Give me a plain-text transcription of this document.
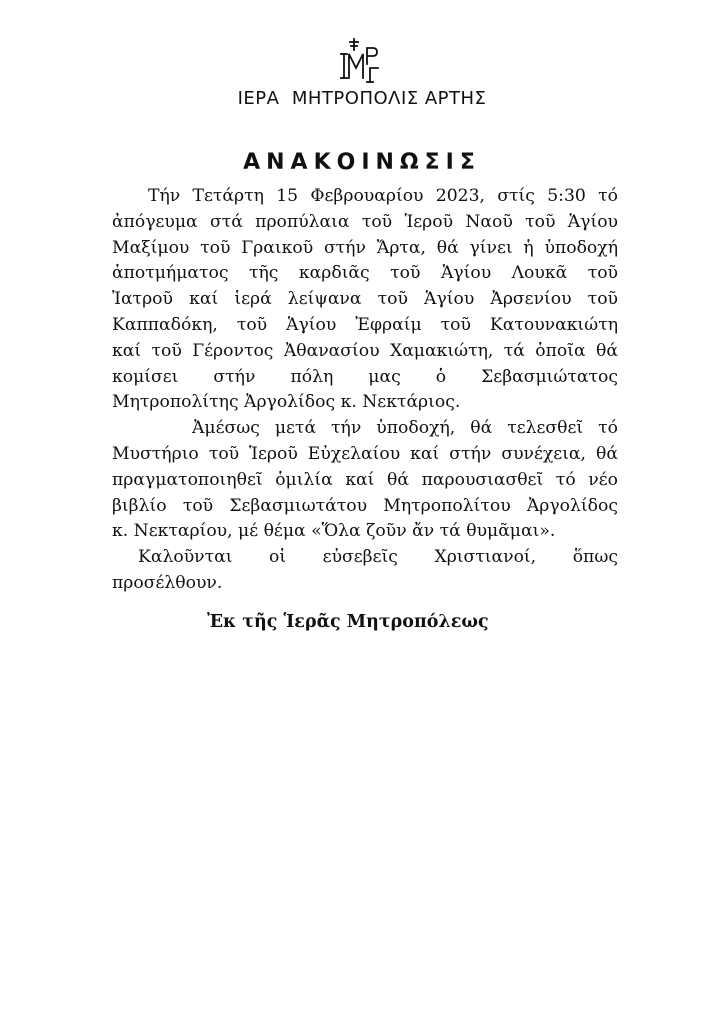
ΙΕΡΑ  ΜΗΤΡΟΠΟΛΙΣ ΑΡΤΗΣ
ΑΝΑΚΟΙΝΩΣΙΣ
Τήν Τετάρτη 15 Φεβρουαρίου 2023, στίς 5:30 τό
ἀπόγευμα στά προπύλαια τοῦ Ἱεροῦ Ναοῦ τοῦ Ἁγίου
Μαξίμου τοῦ Γραικοῦ στήν Ἄρτα, θά γίνει ἡ ὑποδοχή
ἀποτμήματος τῆς καρδιᾶς τοῦ Ἁγίου Λουκᾶ τοῦ
Ἰατροῦ καί ἱερά λείψανα τοῦ Ἁγίου Ἀρσενίου τοῦ
Καππαδόκη, τοῦ Ἁγίου Ἐφραίμ τοῦ Κατουνακιώτη
καί τοῦ Γέροντος Ἀθανασίου Χαμακιώτη, τά ὁποῖα θά
κομίσει στήν πόλη μας ὁ Σεβασμιώτατος
Μητροπολίτης Ἀργολίδος κ. Νεκτάριος.
Ἀμέσως μετά τήν ὑποδοχή, θά τελεσθεῖ τό
Μυστήριο τοῦ Ἱεροῦ Εὐχελαίου καί στήν συνέχεια, θά
πραγματοποιηθεῖ ὁμιλία καί θά παρουσιασθεῖ τό νέο
βιβλίο τοῦ Σεβασμιωτάτου Μητροπολίτου Ἀργολίδος
κ. Νεκταρίου, μέ θέμα «Ὅλα ζοῦν ἄν τά θυμᾶμαι».
Καλοῦνται οἱ εὐσεβεῖς Χριστιανοί, ὅπως
προσέλθουν.
Ἐκ τῆς Ἱερᾶς Μητροπόλεως
